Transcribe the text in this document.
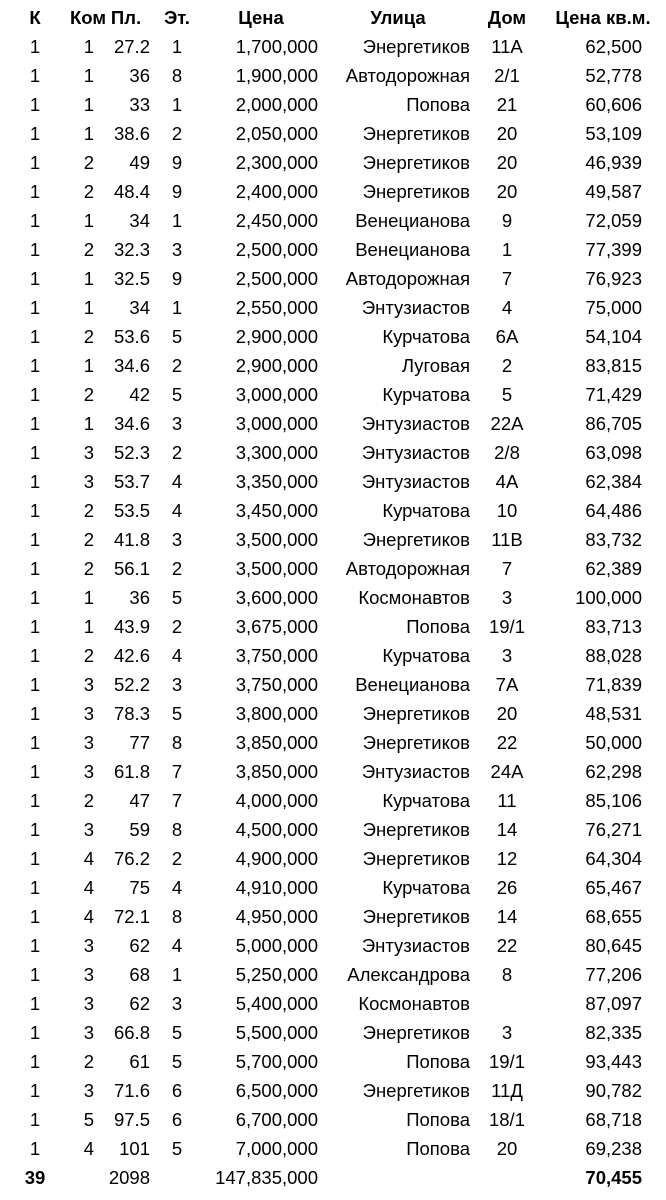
К	Ком	Пл.	Эт.	Цена	Улица	Дом	Цена кв.м.
1	1	27.2	1	1,700,000	Энергетиков	11А	62,500
1	1	36	8	1,900,000	Автодорожная	2/1	52,778
1	1	33	1	2,000,000	Попова	21	60,606
1	1	38.6	2	2,050,000	Энергетиков	20	53,109
1	2	49	9	2,300,000	Энергетиков	20	46,939
1	2	48.4	9	2,400,000	Энергетиков	20	49,587
1	1	34	1	2,450,000	Венецианова	9	72,059
1	2	32.3	3	2,500,000	Венецианова	1	77,399
1	1	32.5	9	2,500,000	Автодорожная	7	76,923
1	1	34	1	2,550,000	Энтузиастов	4	75,000
1	2	53.6	5	2,900,000	Курчатова	6А	54,104
1	1	34.6	2	2,900,000	Луговая	2	83,815
1	2	42	5	3,000,000	Курчатова	5	71,429
1	1	34.6	3	3,000,000	Энтузиастов	22А	86,705
1	3	52.3	2	3,300,000	Энтузиастов	2/8	63,098
1	3	53.7	4	3,350,000	Энтузиастов	4А	62,384
1	2	53.5	4	3,450,000	Курчатова	10	64,486
1	2	41.8	3	3,500,000	Энергетиков	11В	83,732
1	2	56.1	2	3,500,000	Автодорожная	7	62,389
1	1	36	5	3,600,000	Космонавтов	3	100,000
1	1	43.9	2	3,675,000	Попова	19/1	83,713
1	2	42.6	4	3,750,000	Курчатова	3	88,028
1	3	52.2	3	3,750,000	Венецианова	7А	71,839
1	3	78.3	5	3,800,000	Энергетиков	20	48,531
1	3	77	8	3,850,000	Энергетиков	22	50,000
1	3	61.8	7	3,850,000	Энтузиастов	24А	62,298
1	2	47	7	4,000,000	Курчатова	11	85,106
1	3	59	8	4,500,000	Энергетиков	14	76,271
1	4	76.2	2	4,900,000	Энергетиков	12	64,304
1	4	75	4	4,910,000	Курчатова	26	65,467
1	4	72.1	8	4,950,000	Энергетиков	14	68,655
1	3	62	4	5,000,000	Энтузиастов	22	80,645
1	3	68	1	5,250,000	Александрова	8	77,206
1	3	62	3	5,400,000	Космонавтов		87,097
1	3	66.8	5	5,500,000	Энергетиков	3	82,335
1	2	61	5	5,700,000	Попова	19/1	93,443
1	3	71.6	6	6,500,000	Энергетиков	11Д	90,782
1	5	97.5	6	6,700,000	Попова	18/1	68,718
1	4	101	5	7,000,000	Попова	20	69,238
39		2098		147,835,000			70,455
